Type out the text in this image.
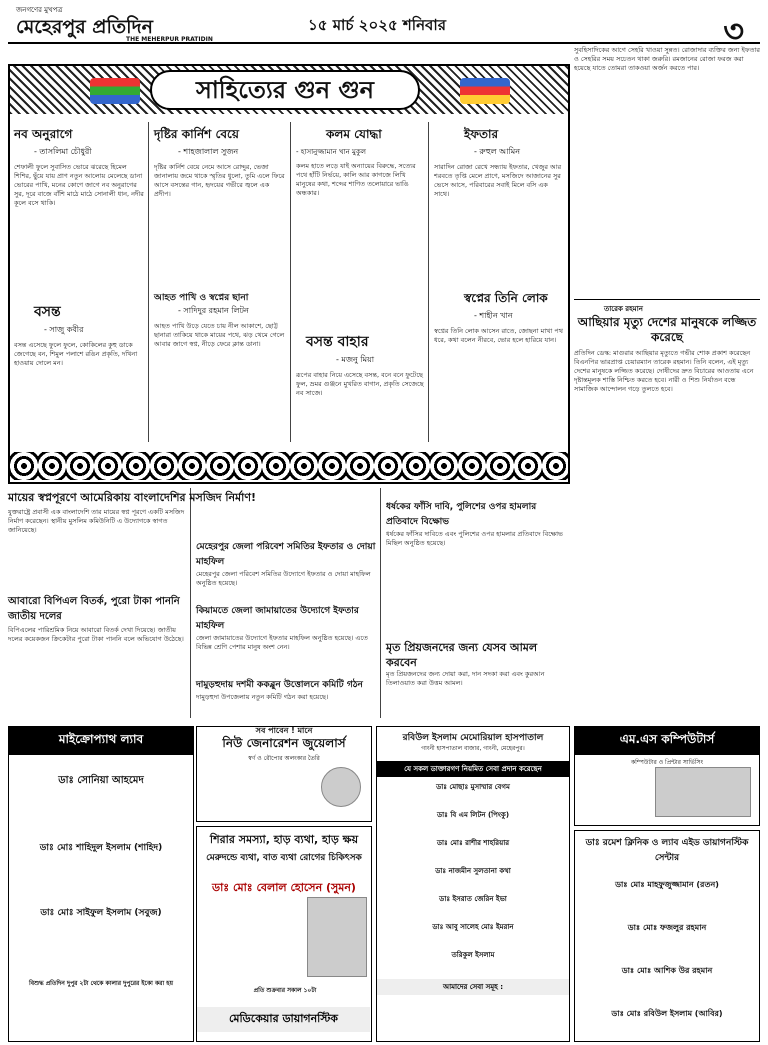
জনগণের মুখপত্র
মেহেরপুর প্রতিদিন
THE MEHERPUR PRATIDIN
১৫ মার্চ ২০২৫ শনিবার	৩
সাহিত্যের গুন গুন
নব অনুরাগে
- তাসলিমা চৌধুরী
শেফালী ফুলে সুবাসিত ভোরে ঝরেছে হিমেল শিশির, ছুঁয়ে যায় প্রাণ নতুন আলোয় মেলেছে ডানা ভোরের পাখি, মনের কোণে জাগে নব অনুরাগের সুর, দূরে বাজে বাঁশি মাঠে মাঠে সোনালী ধান, নদীর কূলে বসে থাকি।
বসন্ত
- সাজু কবীর
বসন্ত এসেছে ফুলে ফুলে, কোকিলের কুহু ডাকে জেগেছে বন, শিমুল পলাশে রঙিন প্রকৃতি, দখিনা হাওয়ায় দোলে মন।
দৃষ্টির কার্নিশ বেয়ে
- শাহজালাল সুজন
দৃষ্টির কার্নিশ বেয়ে নেমে আসে রোদ্দুর, ভেজা জানালায় জমে থাকে স্মৃতির ধুলো, তুমি এলে ফিরে আসে বসন্তের গান, হৃদয়ের গভীরে জ্বলে এক প্রদীপ।
আহত পাখি ও স্বপ্নের ছানা
- সাদিদুর রহমান লিটন
আহত পাখি উড়ে যেতে চায় নীল আকাশে, ছোট্ট ছানারা তাকিয়ে থাকে মায়ের পথে, ঝড় থেমে গেলে আবার জাগে স্বপ্ন, নীড়ে ফেরে ক্লান্ত ডানা।
কলম যোদ্ধা
- হাসানুজ্জামান খান মুকুল
কলম হাতে লড়ে যাই অন্যায়ের বিরুদ্ধে, সত্যের পথে হাঁটি নির্ভয়ে, কালি আর কাগজে লিখি মানুষের কথা, শব্দের শাণিত তলোয়ারে ভাঙি অন্ধকার।
বসন্ত বাহার
- মজনু মিয়া
রূপের বাহার নিয়ে এসেছে বসন্ত, বনে বনে ফুটেছে ফুল, ভ্রমর গুঞ্জনে মুখরিত বাগান, প্রকৃতি সেজেছে নব সাজে।
ইফতার
- রুহুল আমিন
সারাদিন রোজা রেখে সন্ধ্যায় ইফতার, খেজুর আর শরবতে তৃপ্তি মেলে প্রাণে, মসজিদে আজানের সুর ভেসে আসে, পরিবারের সবাই মিলে বসি এক সাথে।
স্বপ্নের তিনি লোক
- শাহীন খান
স্বপ্নের তিনি লোক আসেন রাতে, জোছনা মাখা পথ ধরে, কথা বলেন নীরবে, ভোর হলে হারিয়ে যান।
সুবহিসাদিকের আগে সেহরি খাওয়া সুন্নত। রোজাদার ব্যক্তির জন্য ইফতার ও সেহরির সময় সচেতন থাকা জরুরি। রমজানের রোজা ফরজ করা হয়েছে যাতে তোমরা তাকওয়া অর্জন করতে পার।
তারেক রহমান
আছিয়ার মৃত্যু দেশের মানুষকে লজ্জিত করেছে
প্রতিদিন ডেস্ক: মাগুরার আছিয়ার মৃত্যুতে গভীর শোক প্রকাশ করেছেন বিএনপির ভারপ্রাপ্ত চেয়ারম্যান তারেক রহমান। তিনি বলেন, এই মৃত্যু দেশের মানুষকে লজ্জিত করেছে। দোষীদের দ্রুত বিচারের আওতায় এনে দৃষ্টান্তমূলক শাস্তি নিশ্চিত করতে হবে। নারী ও শিশু নির্যাতন বন্ধে সামাজিক আন্দোলন গড়ে তুলতে হবে।
মায়ের স্বপ্নপূরণে আমেরিকায় বাংলাদেশির মসজিদ নির্মাণ!
যুক্তরাষ্ট্রে প্রবাসী এক বাংলাদেশি তার মায়ের স্বপ্ন পূরণে একটি মসজিদ নির্মাণ করেছেন। স্থানীয় মুসলিম কমিউনিটি এ উদ্যোগকে স্বাগত জানিয়েছে।
আবারো বিপিএল বিতর্ক, পুরো টাকা পাননি জাতীয় দলের
বিপিএলের পারিশ্রমিক নিয়ে আবারো বিতর্ক দেখা দিয়েছে। জাতীয় দলের কয়েকজন ক্রিকেটার পুরো টাকা পাননি বলে অভিযোগ উঠেছে।
মেহেরপুর জেলা পরিবেশ সমিতির ইফতার ও দোয়া মাহফিল
মেহেরপুর জেলা পরিবেশ সমিতির উদ্যোগে ইফতার ও দোয়া মাহফিল অনুষ্ঠিত হয়েছে।
কিয়ামতে জেলা জামায়াতের উদ্যোগে ইফতার মাহফিল
জেলা জামায়াতের উদ্যোগে ইফতার মাহফিল অনুষ্ঠিত হয়েছে। এতে বিভিন্ন শ্রেণি পেশার মানুষ অংশ নেন।
দামুড়হুদায় দশমী ককব্লুন উত্তোলনে কমিটি গঠন
দামুড়হুদা উপজেলায় নতুন কমিটি গঠন করা হয়েছে।
ধর্ষকের ফাঁসি দাবি, পুলিশের ওপর হামলার প্রতিবাদে বিক্ষোভ
ধর্ষকের ফাঁসির দাবিতে এবং পুলিশের ওপর হামলার প্রতিবাদে বিক্ষোভ মিছিল অনুষ্ঠিত হয়েছে।
মৃত প্রিয়জনদের জন্য যেসব আমল করবেন
মৃত প্রিয়জনদের জন্য দোয়া করা, দান সদকা করা এবং কুরআন তিলাওয়াত করা উত্তম আমল।
মাইক্রোপ্যাথ ল্যাব
ডাঃ সোনিয়া আহমেদ
ডাঃ মোঃ শাহিদুল ইসলাম (শাহিদ)
ডাঃ মোঃ সাইফুল ইসলাম (সবুজ)
বিশুদ্ধ প্রতিদিন দুপুর ২টা থেকে কালার দুপুরের ইকো করা হয়
সব পাবেন ! মানে
নিউ জেনারেশন জুয়েলার্স
স্বর্ণ ও রৌপ্যের অলংকার তৈরি
শিরার সমস্যা, হাড় ব্যথা, হাড় ক্ষয়
মেরুদন্ডে ব্যথা, বাত ব্যথা রোগের চিকিৎসক
ডাঃ মোঃ বেলাল হোসেন (সুমন)
প্রতি শুক্রবার সকাল ১০টা
মেডিকেয়ার ডায়াগনস্টিক
রবিউল ইসলাম মেমোরিয়াল হাসপাতাল
গাংনী হাসপাতাল বাজার, গাংনী, মেহেরপুর।
যে সকল ডাক্তারগণ নিয়মিত সেবা প্রদান করেছেন
ডাঃ মোছাঃ মুসাম্মার বেগম
ডাঃ বি এম লিটন (পিংকু)
ডাঃ মোঃ রাশীর শাহরিয়ার
ডাঃ নাজমীন সুলতানা কথা
ডাঃ ইসরাত জেরিন ইভা
ডাঃ আবু সালেহ মোঃ ইমরান
তরিকুল ইসলাম
আমাদের সেবা সমূহ :
এম.এস কম্পিউটার্স
কম্পিউটার ও প্রিন্টার সার্ভিসিং
ডাঃ রমেশ ক্লিনিক ও ল্যাব এইড ডায়াগনস্টিক সেন্টার
ডাঃ মোঃ মাহফুজুজ্জামান (রতন)
ডাঃ মোঃ ফজলুর রহমান
ডাঃ মোঃ আশিক উর রহমান
ডাঃ মোঃ রবিউল ইসলাম (আবির)
